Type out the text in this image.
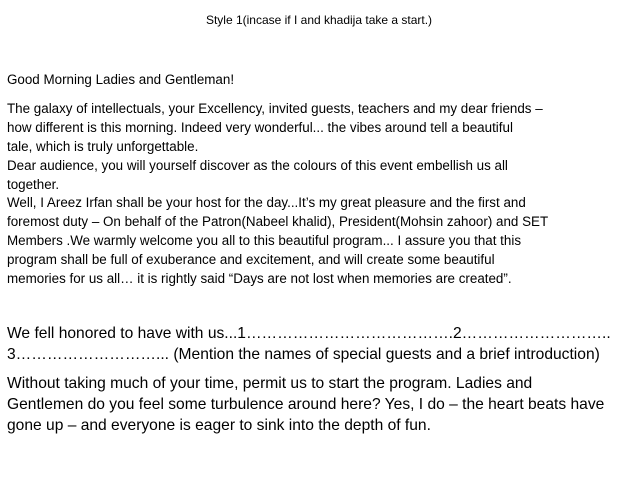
Style 1(incase if I and khadija take a start.)

Good Morning Ladies and Gentleman!

The galaxy of intellectuals, your Excellency, invited guests, teachers and my dear friends –
how different is this morning. Indeed very wonderful... the vibes around tell a beautiful
tale, which is truly unforgettable.

Dear audience, you will yourself discover as the colours of this event embellish us all
together.

Well, I Areez Irfan shall be your host for the day...It’s my great pleasure and the first and
foremost duty – On behalf of the Patron(Nabeel khalid), President(Mohsin zahoor) and SET
Members .We warmly welcome you all to this beautiful program... I assure you that this
program shall be full of exuberance and excitement, and will create some beautiful
memories for us all… it is rightly said “Days are not lost when memories are created”.

We fell honored to have with us...1………………………………….2………………………..
3………………………... (Mention the names of special guests and a brief introduction)

Without taking much of your time, permit us to start the program. Ladies and
Gentlemen do you feel some turbulence around here? Yes, I do – the heart beats have
gone up – and everyone is eager to sink into the depth of fun.
